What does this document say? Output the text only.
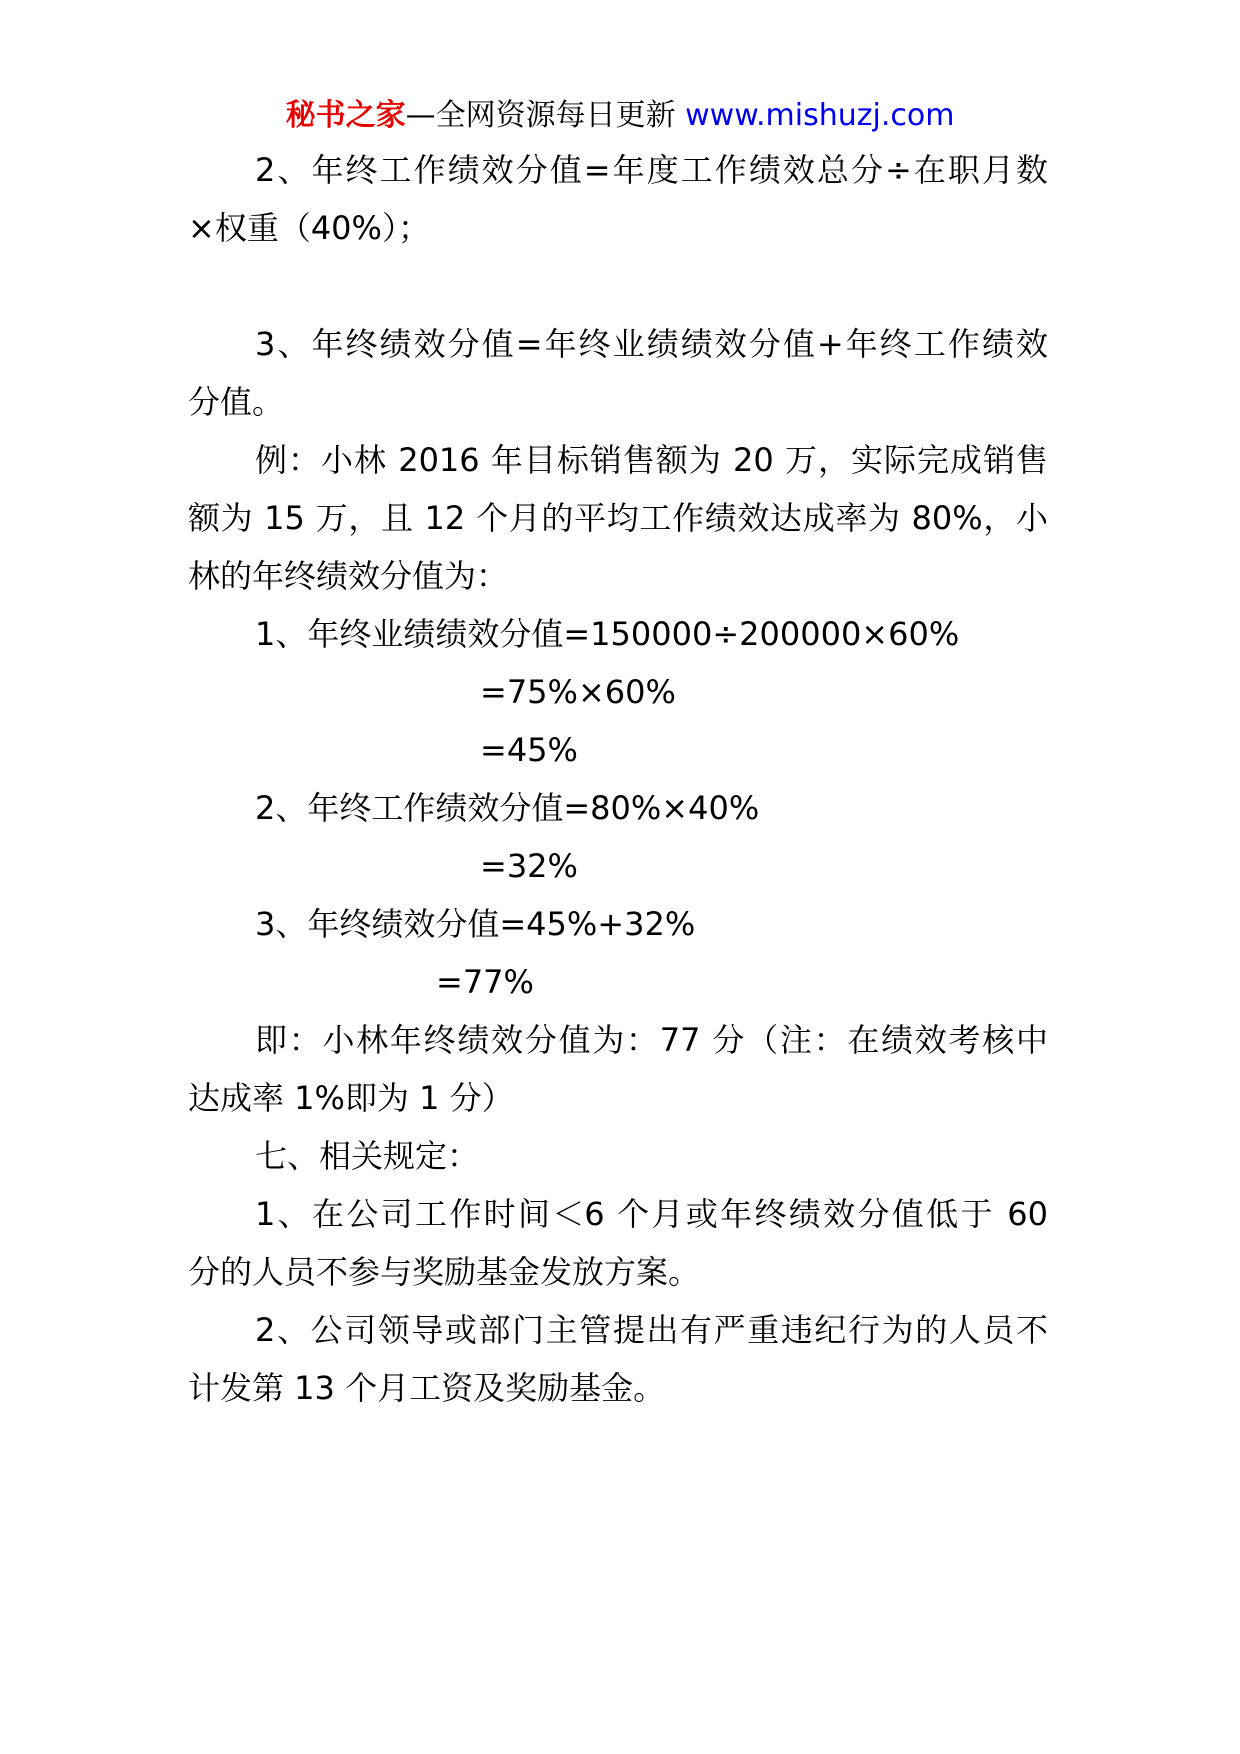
秘书之家—全网资源每日更新 www.mishuzj.com
2、年终工作绩效分值=年度工作绩效总分÷在职月数
×权重（40%）；
3、年终绩效分值=年终业绩绩效分值+年终工作绩效
分值。
例：小林 2016 年目标销售额为 20 万，实际完成销售
额为 15 万，且 12 个月的平均工作绩效达成率为 80%，小
林的年终绩效分值为：
1、年终业绩绩效分值=150000÷200000×60%
=75%×60%
=45%
2、年终工作绩效分值=80%×40%
=32%
3、年终绩效分值=45%+32%
=77%
即：小林年终绩效分值为：77 分（注：在绩效考核中
达成率 1%即为 1 分）
七、相关规定：
1、在公司工作时间＜6 个月或年终绩效分值低于 60
分的人员不参与奖励基金发放方案。
2、公司领导或部门主管提出有严重违纪行为的人员不
计发第 13 个月工资及奖励基金。
